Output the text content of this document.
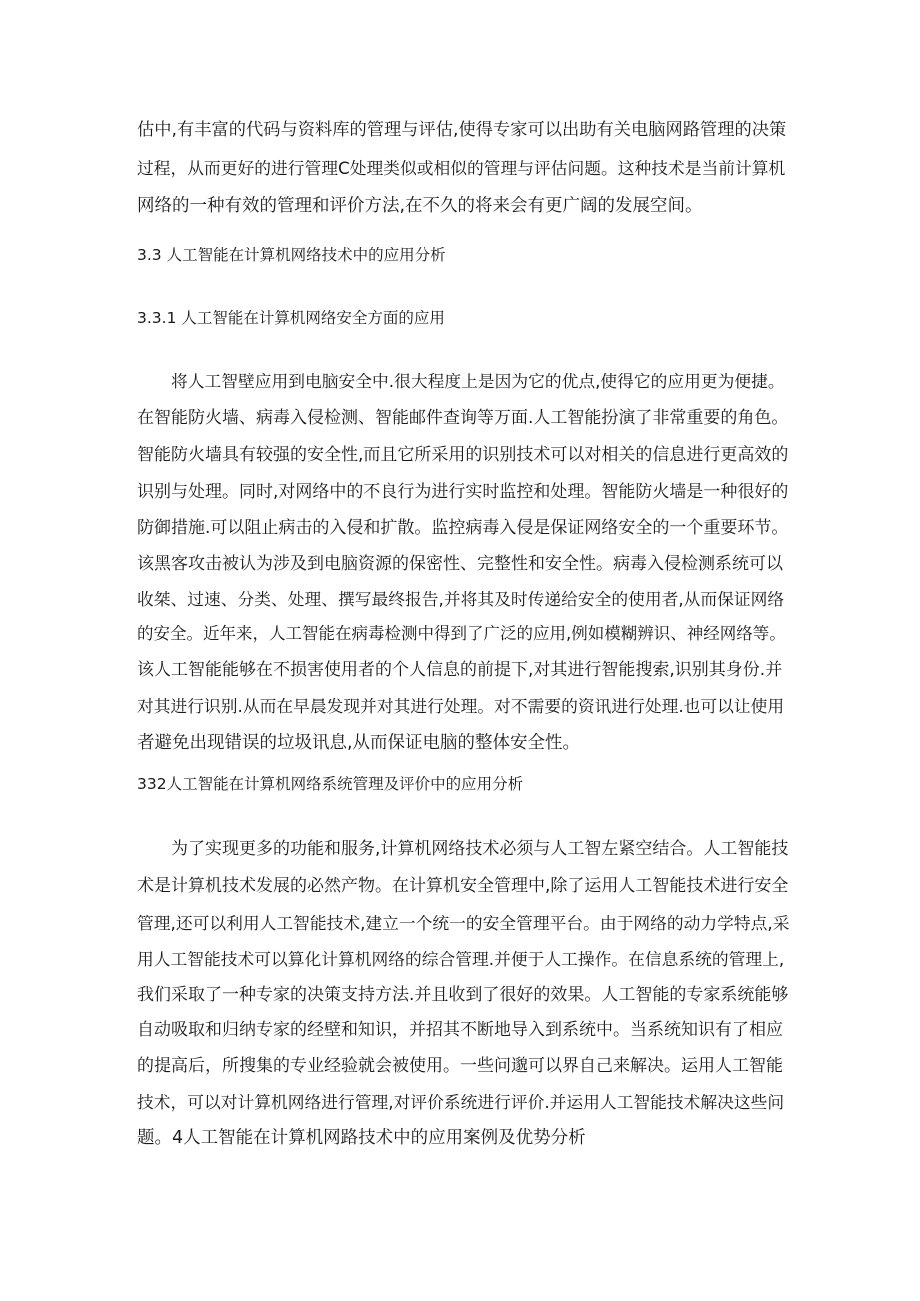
估中,有丰富的代码与资料库的管理与评估,使得专家可以出助有关电脑网路管理的决策
过程，从而更好的进行管理C处理类似或相似的管理与评估问题。这种技术是当前计算机
网络的一种有效的管理和评价方法,在不久的将来会有更广阔的发展空间。
3.3 人工智能在计算机网络技术中的应用分析
3.3.1 人工智能在计算机网络安全方面的应用
将人工智壁应用到电脑安全中.很大程度上是因为它的优点,使得它的应用更为便捷。
在智能防火墙、病毒入侵检测、智能邮件查询等万面.人工智能扮演了非常重要的角色。
智能防火墙具有较强的安全性,而且它所采用的识别技术可以对相关的信息进行更高效的
识别与处理。同时,对网络中的不良行为进行实时监控和处理。智能防火墙是一种很好的
防御措施.可以阻止病击的入侵和扩散。监控病毒入侵是保证网络安全的一个重要环节。
该黑客攻击被认为涉及到电脑资源的保密性、完整性和安全性。病毒入侵检测系统可以
收桀、过速、分类、处理、撰写最终报告,并将其及时传递给安全的使用者,从而保证网络
的安全。近年来，人工智能在病毒检测中得到了广泛的应用,例如模糊辨识、神经网络等。
该人工智能能够在不损害使用者的个人信息的前提下,对其进行智能搜索,识别其身份.并
对其进行识别.从而在早晨发现并对其进行处理。对不需要的资讯进行处理.也可以让使用
者避免出现错误的垃圾讯息,从而保证电脑的整体安全性。
332人工智能在计算机网络系统管理及评价中的应用分析
为了实现更多的功能和服务,计算机网络技术必须与人工智左紧空结合。人工智能技
术是计算机技术发展的必然产物。在计算机安全管理中,除了运用人工智能技术进行安全
管理,还可以利用人工智能技术,建立一个统一的安全管理平台。由于网络的动力学特点,采
用人工智能技术可以算化计算机网络的综合管理.并便于人工操作。在信息系统的管理上,
我们采取了一种专家的决策支持方法.并且收到了很好的效果。人工智能的专家系统能够
自动吸取和归纳专家的经壁和知识，并招其不断地导入到系统中。当系统知识有了相应
的提高后，所搜集的专业经验就会被使用。一些问邈可以界自己来解决。运用人工智能
技术，可以对计算机网络进行管理,对评价系统进行评价.并运用人工智能技术解决这些问
题。4人工智能在计算机网路技术中的应用案例及优势分析
